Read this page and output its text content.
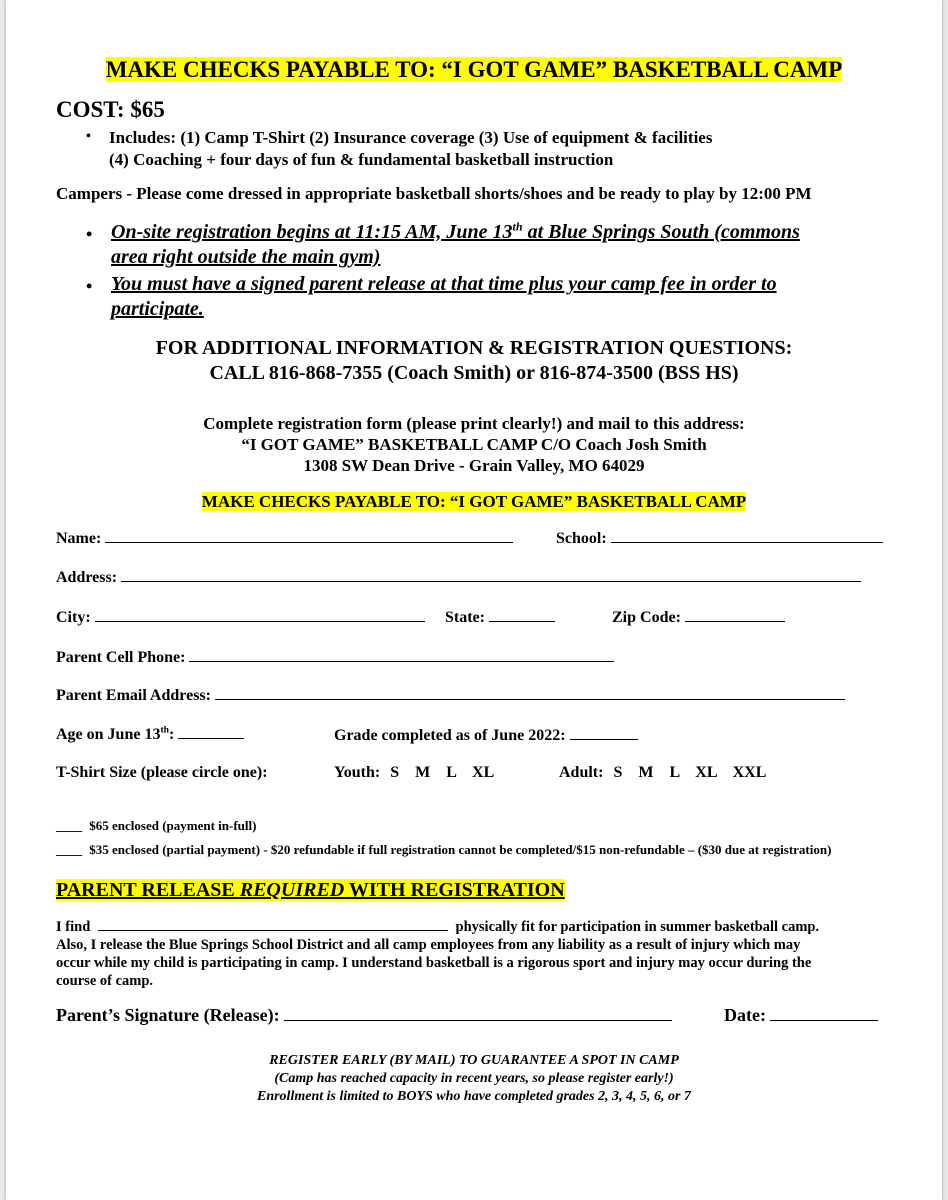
MAKE CHECKS PAYABLE TO: “I GOT GAME” BASKETBALL CAMP
COST: $65
• Includes: (1) Camp T-Shirt (2) Insurance coverage (3) Use of equipment & facilities
(4) Coaching + four days of fun & fundamental basketball instruction
Campers - Please come dressed in appropriate basketball shorts/shoes and be ready to play by 12:00 PM
• On-site registration begins at 11:15 AM, June 13th at Blue Springs South (commons
area right outside the main gym)
• You must have a signed parent release at that time plus your camp fee in order to
participate.
FOR ADDITIONAL INFORMATION & REGISTRATION QUESTIONS:
CALL 816-868-7355 (Coach Smith) or 816-874-3500 (BSS HS)
Complete registration form (please print clearly!) and mail to this address:
“I GOT GAME” BASKETBALL CAMP C/O Coach Josh Smith
1308 SW Dean Drive - Grain Valley, MO 64029
MAKE CHECKS PAYABLE TO: “I GOT GAME” BASKETBALL CAMP
Name:	School:
Address:
City:	State:	Zip Code:
Parent Cell Phone:
Parent Email Address:
Age on June 13th:	Grade completed as of June 2022:
T-Shirt Size (please circle one):	Youth: S M L XL	Adult: S M L XL XXL
____ $65 enclosed (payment in-full)
____ $35 enclosed (partial payment) - $20 refundable if full registration cannot be completed/$15 non-refundable – ($30 due at registration)
PARENT RELEASE REQUIRED WITH REGISTRATION
I find	physically fit for participation in summer basketball camp.
Also, I release the Blue Springs School District and all camp employees from any liability as a result of injury which may
occur while my child is participating in camp. I understand basketball is a rigorous sport and injury may occur during the
course of camp.
Parent’s Signature (Release):	Date:
REGISTER EARLY (BY MAIL) TO GUARANTEE A SPOT IN CAMP
(Camp has reached capacity in recent years, so please register early!)
Enrollment is limited to BOYS who have completed grades 2, 3, 4, 5, 6, or 7
